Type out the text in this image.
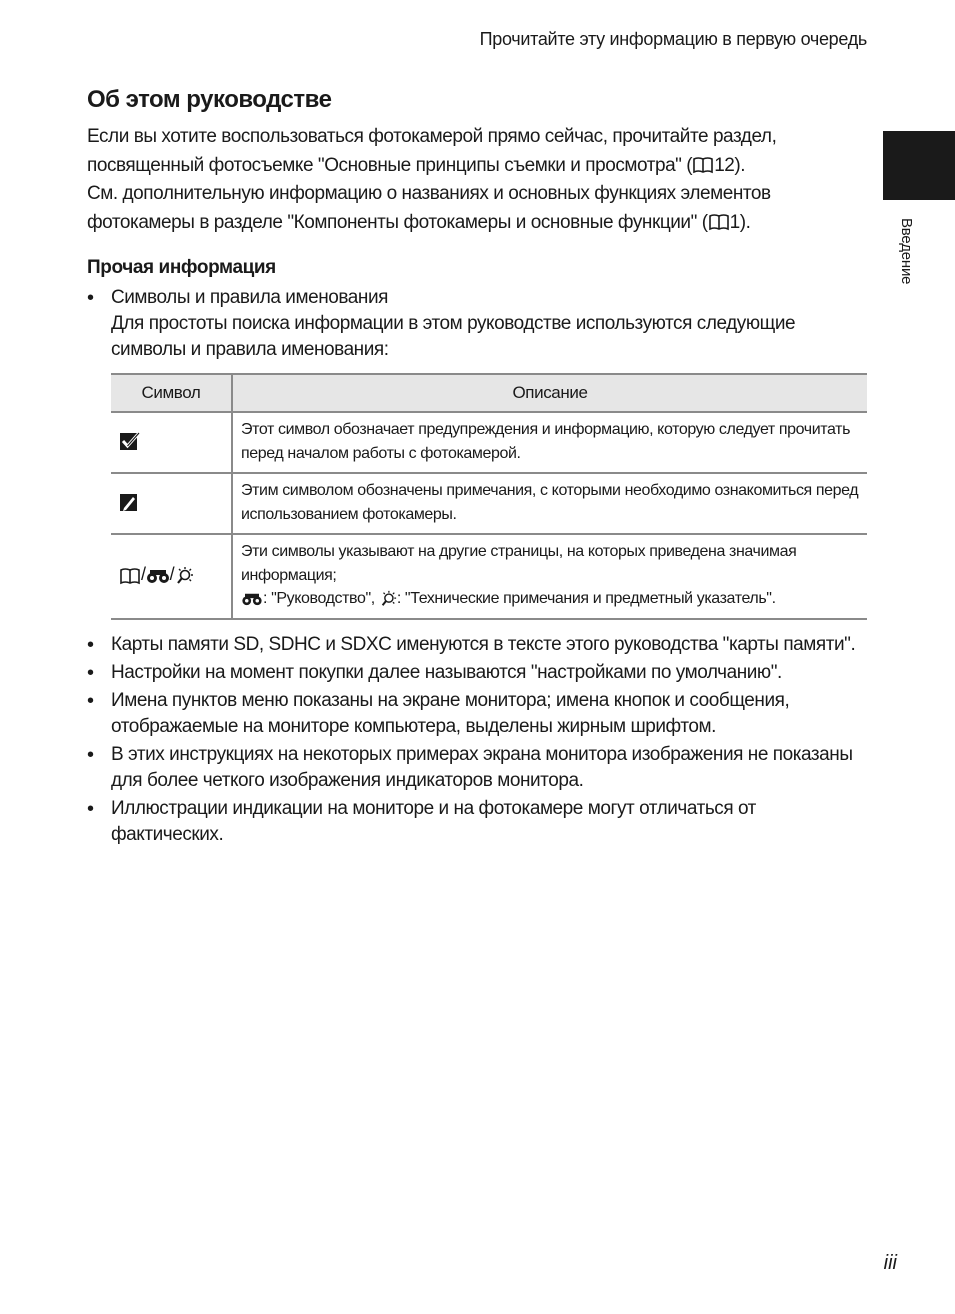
Прочитайте эту информацию в первую очередь
Введение
Об этом руководстве

Если вы хотите воспользоваться фотокамерой прямо сейчас, прочитайте раздел, посвященный фотосъемке "Основные принципы съемки и просмотра" ( 12).

См. дополнительную информацию о названиях и основных функциях элементов фотокамеры в разделе "Компоненты фотокамеры и основные функции" ( 1).

Прочая информация
• Символы и правила именования
Для простоты поиска информации в этом руководстве используются следующие символы и правила именования:
Символ	Описание
	Этот символ обозначает предупреждения и информацию, которую следует прочитать перед началом работы с фотокамерой.
	Этим символом обозначены примечания, с которыми необходимо ознакомиться перед использованием фотокамеры.
/ /	Эти символы указывают на другие страницы, на которых приведена значимая информация;
: "Руководство", : "Технические примечания и предметный указатель".
• Карты памяти SD, SDHC и SDXC именуются в тексте этого руководства "карты памяти".
• Настройки на момент покупки далее называются "настройками по умолчанию".
• Имена пунктов меню показаны на экране монитора; имена кнопок и сообщения, отображаемые на мониторе компьютера, выделены жирным шрифтом.
• В этих инструкциях на некоторых примерах экрана монитора изображения не показаны для более четкого изображения индикаторов монитора.
• Иллюстрации индикации на мониторе и на фотокамере могут отличаться от фактических.
iii
